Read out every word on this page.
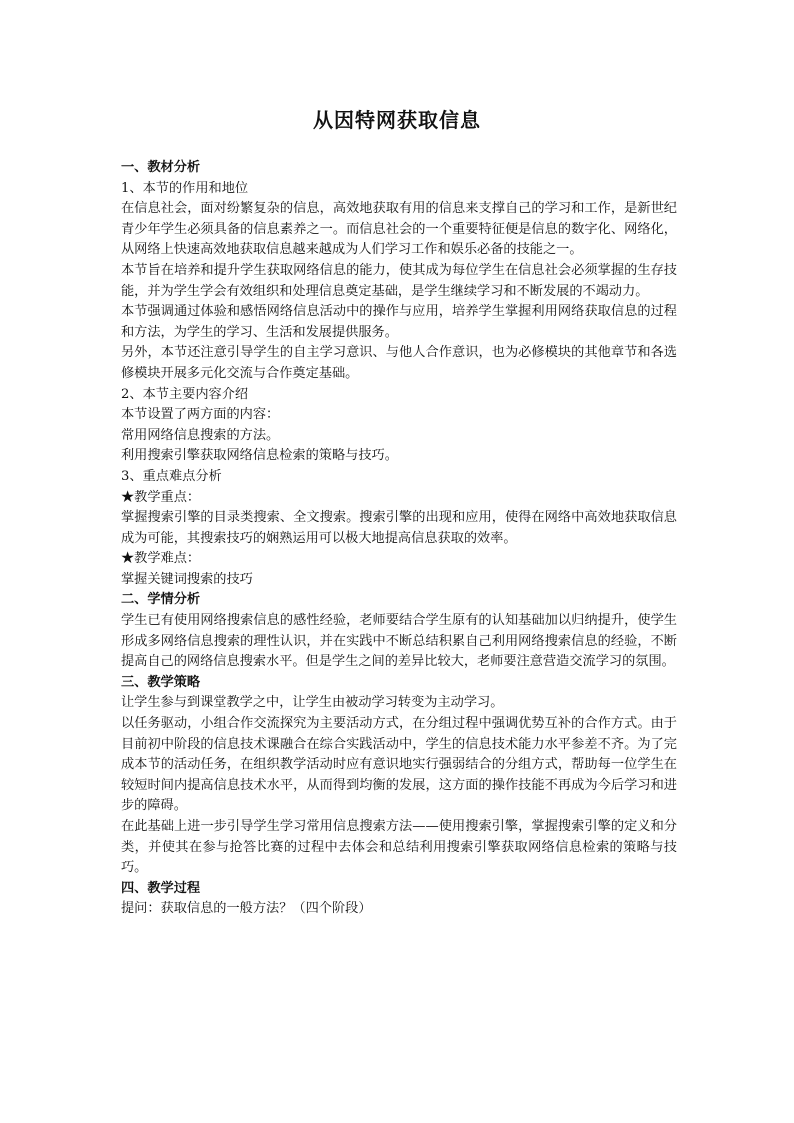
从因特网获取信息

一、教材分析

1、本节的作用和地位

在信息社会，面对纷繁复杂的信息，高效地获取有用的信息来支撑自己的学习和工作，是新世纪青少年学生必须具备的信息素养之一。而信息社会的一个重要特征便是信息的数字化、网络化，从网络上快速高效地获取信息越来越成为人们学习工作和娱乐必备的技能之一。

本节旨在培养和提升学生获取网络信息的能力，使其成为每位学生在信息社会必须掌握的生存技能，并为学生学会有效组织和处理信息奠定基础，是学生继续学习和不断发展的不竭动力。

本节强调通过体验和感悟网络信息活动中的操作与应用，培养学生掌握利用网络获取信息的过程和方法，为学生的学习、生活和发展提供服务。

另外，本节还注意引导学生的自主学习意识、与他人合作意识，也为必修模块的其他章节和各选修模块开展多元化交流与合作奠定基础。

2、本节主要内容介绍

本节设置了两方面的内容：

常用网络信息搜索的方法。

利用搜索引擎获取网络信息检索的策略与技巧。

3、重点难点分析

★教学重点：

掌握搜索引擎的目录类搜索、全文搜索。搜索引擎的出现和应用，使得在网络中高效地获取信息成为可能，其搜索技巧的娴熟运用可以极大地提高信息获取的效率。

★教学难点：

掌握关键词搜索的技巧

二、学情分析

学生已有使用网络搜索信息的感性经验，老师要结合学生原有的认知基础加以归纳提升，使学生形成多网络信息搜索的理性认识，并在实践中不断总结积累自己利用网络搜索信息的经验，不断提高自己的网络信息搜索水平。但是学生之间的差异比较大，老师要注意营造交流学习的氛围。

三、教学策略

让学生参与到课堂教学之中，让学生由被动学习转变为主动学习。

以任务驱动，小组合作交流探究为主要活动方式，在分组过程中强调优势互补的合作方式。由于目前初中阶段的信息技术课融合在综合实践活动中，学生的信息技术能力水平参差不齐。为了完成本节的活动任务，在组织教学活动时应有意识地实行强弱结合的分组方式，帮助每一位学生在较短时间内提高信息技术水平，从而得到均衡的发展，这方面的操作技能不再成为今后学习和进步的障碍。

在此基础上进一步引导学生学习常用信息搜索方法——使用搜索引擎，掌握搜索引擎的定义和分类，并使其在参与抢答比赛的过程中去体会和总结利用搜索引擎获取网络信息检索的策略与技巧。

四、教学过程

提问：获取信息的一般方法？（四个阶段）
